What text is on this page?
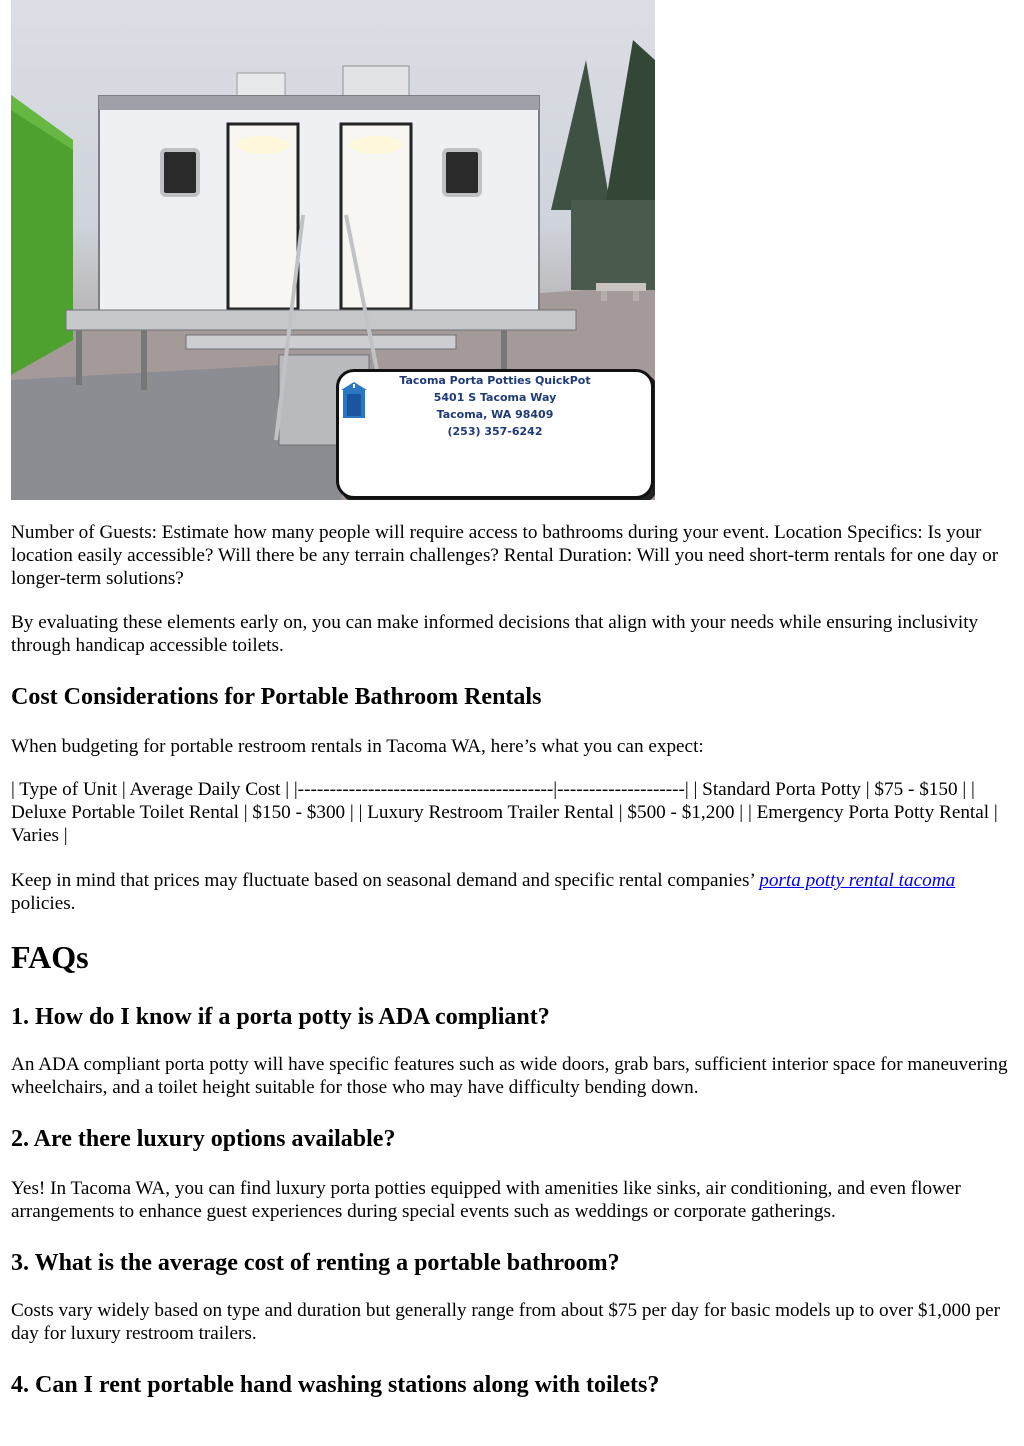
Tacoma Porta Potties QuickPot
5401 S Tacoma Way
Tacoma, WA 98409
(253) 357-6242

Number of Guests: Estimate how many people will require access to bathrooms during your event. Location Specifics: Is your location easily accessible? Will there be any terrain challenges? Rental Duration: Will you need short-term rentals for one day or longer-term solutions?

By evaluating these elements early on, you can make informed decisions that align with your needs while ensuring inclusivity through handicap accessible toilets.

Cost Considerations for Portable Bathroom Rentals

When budgeting for portable restroom rentals in Tacoma WA, here’s what you can expect:

| Type of Unit | Average Daily Cost | |----------------------------------------|--------------------| | Standard Porta Potty | $75 - $150 | | Deluxe Portable Toilet Rental | $150 - $300 | | Luxury Restroom Trailer Rental | $500 - $1,200 | | Emergency Porta Potty Rental | Varies |

Keep in mind that prices may fluctuate based on seasonal demand and specific rental companies’ porta potty rental tacoma policies.

FAQs
1. How do I know if a porta potty is ADA compliant?

An ADA compliant porta potty will have specific features such as wide doors, grab bars, sufficient interior space for maneuvering wheelchairs, and a toilet height suitable for those who may have difficulty bending down.

2. Are there luxury options available?

Yes! In Tacoma WA, you can find luxury porta potties equipped with amenities like sinks, air conditioning, and even flower arrangements to enhance guest experiences during special events such as weddings or corporate gatherings.

3. What is the average cost of renting a portable bathroom?

Costs vary widely based on type and duration but generally range from about $75 per day for basic models up to over $1,000 per day for luxury restroom trailers.

4. Can I rent portable hand washing stations along with toilets?
